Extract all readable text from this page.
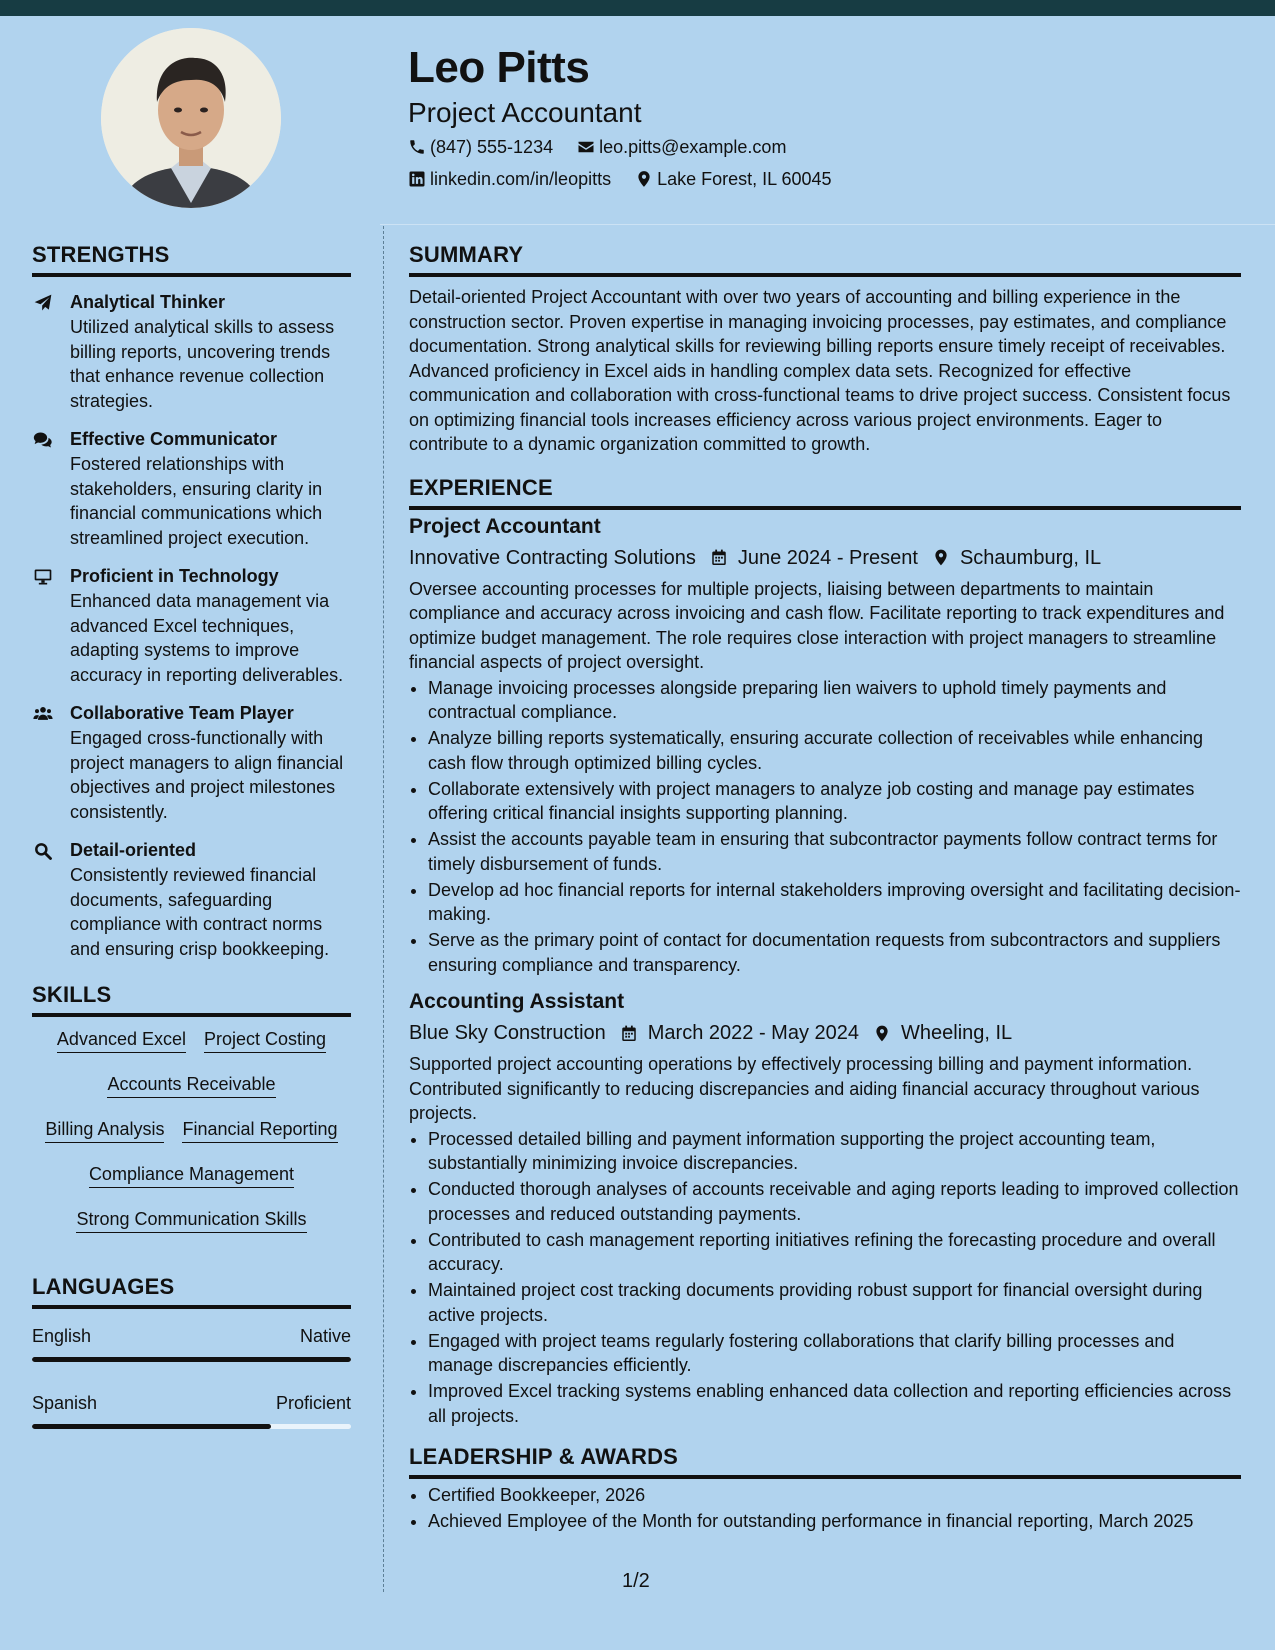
Leo Pitts
Project Accountant
(847) 555-1234	leo.pitts@example.com
linkedin.com/in/leopitts	Lake Forest, IL 60045
STRENGTHS
Analytical Thinker
Utilized analytical skills to assess billing reports, uncovering trends that enhance revenue collection strategies.
Effective Communicator
Fostered relationships with stakeholders, ensuring clarity in financial communications which streamlined project execution.
Proficient in Technology
Enhanced data management via advanced Excel techniques, adapting systems to improve accuracy in reporting deliverables.
Collaborative Team Player
Engaged cross-functionally with project managers to align financial objectives and project milestones consistently.
Detail-oriented
Consistently reviewed financial documents, safeguarding compliance with contract norms and ensuring crisp bookkeeping.
SKILLS
Advanced Excel Project Costing
Accounts Receivable
Billing Analysis Financial Reporting
Compliance Management
Strong Communication Skills
LANGUAGES
English	Native
Spanish	Proficient
SUMMARY

Detail-oriented Project Accountant with over two years of accounting and billing experience in the construction sector. Proven expertise in managing invoicing processes, pay estimates, and compliance documentation. Strong analytical skills for reviewing billing reports ensure timely receipt of receivables. Advanced proficiency in Excel aids in handling complex data sets. Recognized for effective communication and collaboration with cross-functional teams to drive project success. Consistent focus on optimizing financial tools increases efficiency across various project environments. Eager to contribute to a dynamic organization committed to growth.

EXPERIENCE
Project Accountant
Innovative Contracting Solutions June 2024 - Present Schaumburg, IL

Oversee accounting processes for multiple projects, liaising between departments to maintain compliance and accuracy across invoicing and cash flow. Facilitate reporting to track expenditures and optimize budget management. The role requires close interaction with project managers to streamline financial aspects of project oversight.

• Manage invoicing processes alongside preparing lien waivers to uphold timely payments and contractual compliance.
• Analyze billing reports systematically, ensuring accurate collection of receivables while enhancing cash flow through optimized billing cycles.
• Collaborate extensively with project managers to analyze job costing and manage pay estimates offering critical financial insights supporting planning.
• Assist the accounts payable team in ensuring that subcontractor payments follow contract terms for timely disbursement of funds.
• Develop ad hoc financial reports for internal stakeholders improving oversight and facilitating decision-making.
• Serve as the primary point of contact for documentation requests from subcontractors and suppliers ensuring compliance and transparency.
Accounting Assistant
Blue Sky Construction March 2022 - May 2024 Wheeling, IL

Supported project accounting operations by effectively processing billing and payment information. Contributed significantly to reducing discrepancies and aiding financial accuracy throughout various projects.

• Processed detailed billing and payment information supporting the project accounting team, substantially minimizing invoice discrepancies.
• Conducted thorough analyses of accounts receivable and aging reports leading to improved collection processes and reduced outstanding payments.
• Contributed to cash management reporting initiatives refining the forecasting procedure and overall accuracy.
• Maintained project cost tracking documents providing robust support for financial oversight during active projects.
• Engaged with project teams regularly fostering collaborations that clarify billing processes and manage discrepancies efficiently.
• Improved Excel tracking systems enabling enhanced data collection and reporting efficiencies across all projects.
LEADERSHIP & AWARDS
• Certified Bookkeeper, 2026
• Achieved Employee of the Month for outstanding performance in financial reporting, March 2025
1/2
